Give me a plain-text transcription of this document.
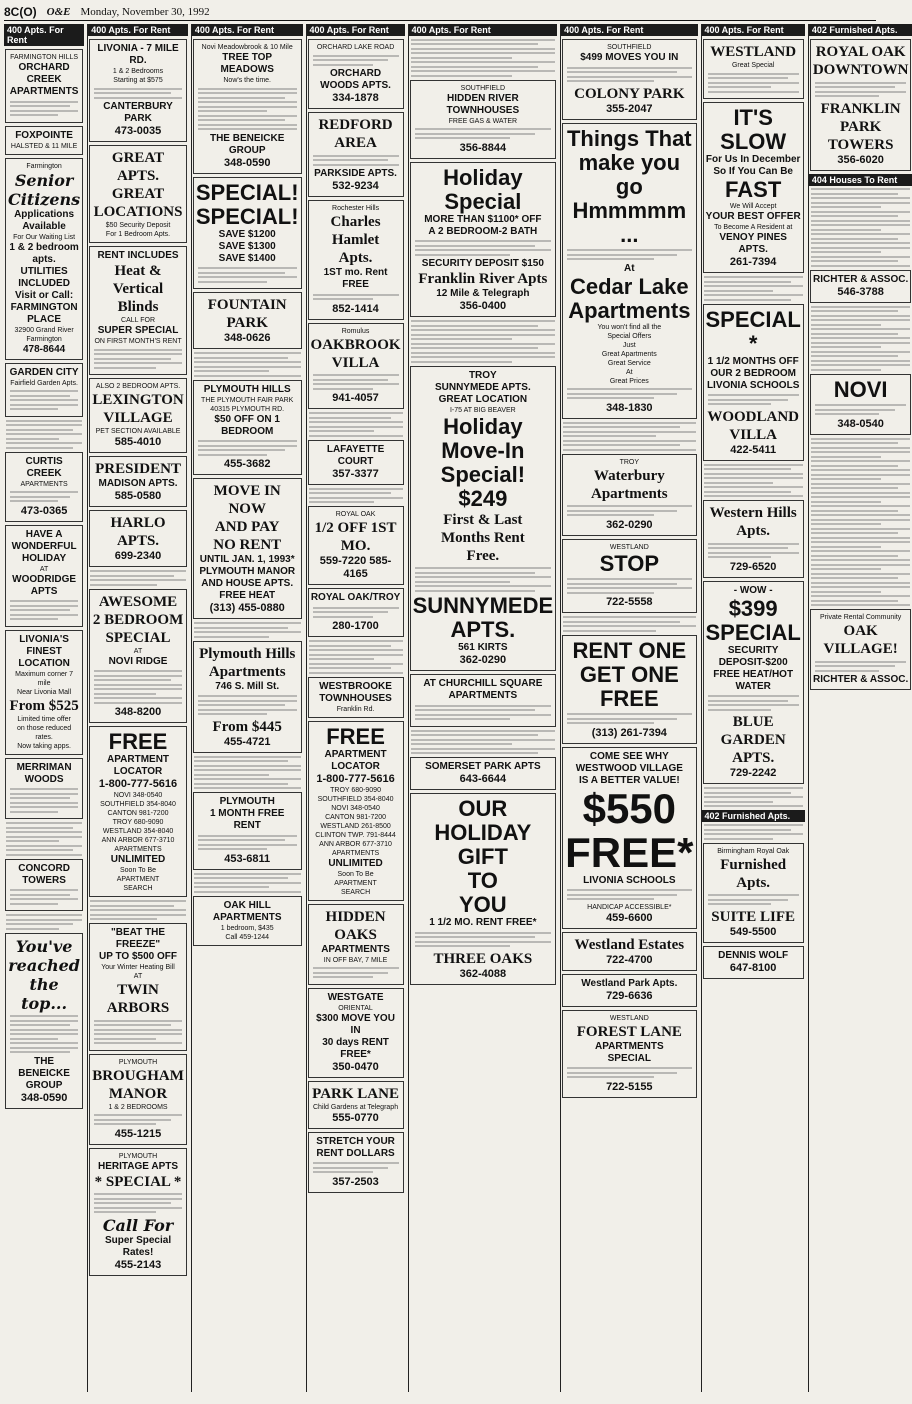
8C(O) O&E Monday, November 30, 1992
400 Apts. For Rent
FARMINGTON HILLS
ORCHARD CREEK
APARTMENTS
FOXPOINTE
HALSTED & 11 MILE
Farmington
Senior Citizens
Applications
Available
For Our Waiting List
1 & 2 bedroom apts.
UTILITIES INCLUDED
Visit or Call:
FARMINGTON
PLACE
32900 Grand River
Farmington
478-8644
GARDEN CITY
Fairfield Garden Apts.
CURTIS CREEK
APARTMENTS
473-0365
HAVE A
WONDERFUL HOLIDAY
AT
WOODRIDGE APTS
LIVONIA'S
FINEST
LOCATION
Maximum corner 7 mile
Near Livonia Mall
From $525
Limited time offer
on those reduced rates.
Now taking apps.
MERRIMAN WOODS
CONCORD TOWERS
You've reached
the top...
THE BENEICKE GROUP
348-0590
400 Apts. For Rent
LIVONIA - 7 MILE RD.
1 & 2 Bedrooms
Starting at $575
CANTERBURY PARK
473-0035
GREAT APTS.
GREAT
LOCATIONS
$50 Security Deposit
For 1 Bedroom Apts.
RENT INCLUDES
Heat &
Vertical Blinds
CALL FOR
SUPER SPECIAL
ON FIRST MONTH'S RENT
ALSO 2 BEDROOM APTS.
LEXINGTON
VILLAGE
PET SECTION AVAILABLE
585-4010
PRESIDENT
MADISON APTS.
585-0580
HARLO APTS.
699-2340
AWESOME
2 BEDROOM
SPECIAL
AT
NOVI RIDGE
348-8200
FREE
APARTMENT
LOCATOR
1-800-777-5616
NOVI 348-0540
SOUTHFIELD 354-8040
CANTON 981-7200
TROY 680-9090
WESTLAND 354-8040
ANN ARBOR 677-3710
APARTMENTS
UNLIMITED
Soon To Be
APARTMENT
SEARCH
"BEAT THE FREEZE"
UP TO $500 OFF
Your Winter Heating Bill
AT
TWIN ARBORS
PLYMOUTH
BROUGHAM
MANOR
1 & 2 BEDROOMS
455-1215
PLYMOUTH
HERITAGE APTS
* SPECIAL *
Call For
Super Special Rates!
455-2143
400 Apts. For Rent
Novi Meadowbrook & 10 Mile
TREE TOP MEADOWS
Now's the time.
THE BENEICKE GROUP
348-0590
SPECIAL!
SPECIAL!
SAVE $1200
SAVE $1300
SAVE $1400
FOUNTAIN PARK
348-0626
PLYMOUTH HILLS
THE PLYMOUTH FAIR PARK
40315 PLYMOUTH RD.
$50 OFF ON 1 BEDROOM
455-3682
MOVE IN NOW
AND PAY
NO RENT
UNTIL JAN. 1, 1993*
PLYMOUTH MANOR
AND HOUSE APTS.
FREE HEAT
(313) 455-0880
Plymouth Hills
Apartments
746 S. Mill St.
From $445
455-4721
PLYMOUTH
1 MONTH FREE RENT
453-6811
OAK HILL APARTMENTS
1 bedroom, $435
Call 459-1244
400 Apts. For Rent
ORCHARD LAKE ROAD
ORCHARD WOODS APTS.
334-1878
REDFORD AREA
PARKSIDE APTS.
532-9234
Rochester Hills
Charles Hamlet
Apts.
1ST mo. Rent FREE
852-1414
Romulus
OAKBROOK VILLA
941-4057
LAFAYETTE COURT
357-3377
ROYAL OAK
1/2 OFF 1ST MO.
559-7220 585-4165
ROYAL OAK/TROY
280-1700
WESTBROOKE
TOWNHOUSES
Franklin Rd.
FREE
APARTMENT
LOCATOR
1-800-777-5616
TROY 680-9090
SOUTHFIELD 354-8040
NOVI 348-0540
CANTON 981-7200
WESTLAND 261-8500
CLINTON TWP. 791-8444
ANN ARBOR 677-3710
APARTMENTS
UNLIMITED
Soon To Be
APARTMENT
SEARCH
HIDDEN OAKS
APARTMENTS
IN OFF BAY, 7 MILE
WESTGATE
ORIENTAL
$300 MOVE YOU IN
30 days RENT FREE*
350-0470
PARK LANE
Child Gardens at Telegraph
555-0770
STRETCH YOUR
RENT DOLLARS
357-2503
400 Apts. For Rent
SOUTHFIELD
HIDDEN RIVER
TOWNHOUSES
FREE GAS & WATER
356-8844
Holiday
Special
MORE THAN $1100* OFF
A 2 BEDROOM-2 BATH
SECURITY DEPOSIT $150
Franklin River Apts
12 Mile & Telegraph
356-0400
TROY
SUNNYMEDE APTS.
GREAT LOCATION
I-75 AT BIG BEAVER
Holiday
Move-In
Special!
$249
First & Last
Months Rent
Free.
SUNNYMEDE
APTS.
561 KIRTS
362-0290
AT CHURCHILL SQUARE
APARTMENTS
SOMERSET PARK APTS
643-6644
OUR
HOLIDAY
GIFT
TO
YOU
1 1/2 MO. RENT FREE*
THREE OAKS
362-4088
400 Apts. For Rent
SOUTHFIELD
$499 MOVES YOU IN
COLONY PARK
355-2047
Things That
make you go
Hmmmmm ...
At
Cedar Lake
Apartments
You won't find all the
Special Offers
Just
Great Apartments
Great Service
At
Great Prices
348-1830
TROY
Waterbury
Apartments
362-0290
WESTLAND
STOP
722-5558
RENT ONE
GET ONE
FREE
(313) 261-7394
COME SEE WHY
WESTWOOD VILLAGE
IS A BETTER VALUE!
$550
FREE*
LIVONIA SCHOOLS
HANDICAP ACCESSIBLE*
459-6600
Westland Estates
722-4700
Westland Park Apts.
729-6636
WESTLAND
FOREST LANE
APARTMENTS
SPECIAL
722-5155
400 Apts. For Rent
WESTLAND
Great Special
IT'S SLOW
For Us In December
So If You Can Be
FAST
We Will Accept
YOUR BEST OFFER
To Become A Resident at
VENOY PINES APTS.
261-7394
SPECIAL *
1 1/2 MONTHS OFF
OUR 2 BEDROOM
LIVONIA SCHOOLS
WOODLAND VILLA
422-5411
Western Hills Apts.
729-6520
- WOW -
$399 SPECIAL
SECURITY DEPOSIT-$200
FREE HEAT/HOT WATER
BLUE GARDEN APTS.
729-2242
402 Furnished Apts.
Birmingham Royal Oak
Furnished Apts.
SUITE LIFE
549-5500
DENNIS WOLF
647-8100
402 Furnished Apts.
ROYAL OAK
DOWNTOWN
FRANKLIN
PARK
TOWERS
356-6020
404 Houses To Rent
RICHTER & ASSOC.
546-3788
NOVI
348-0540
Private Rental Community
OAK VILLAGE!
RICHTER & ASSOC.
